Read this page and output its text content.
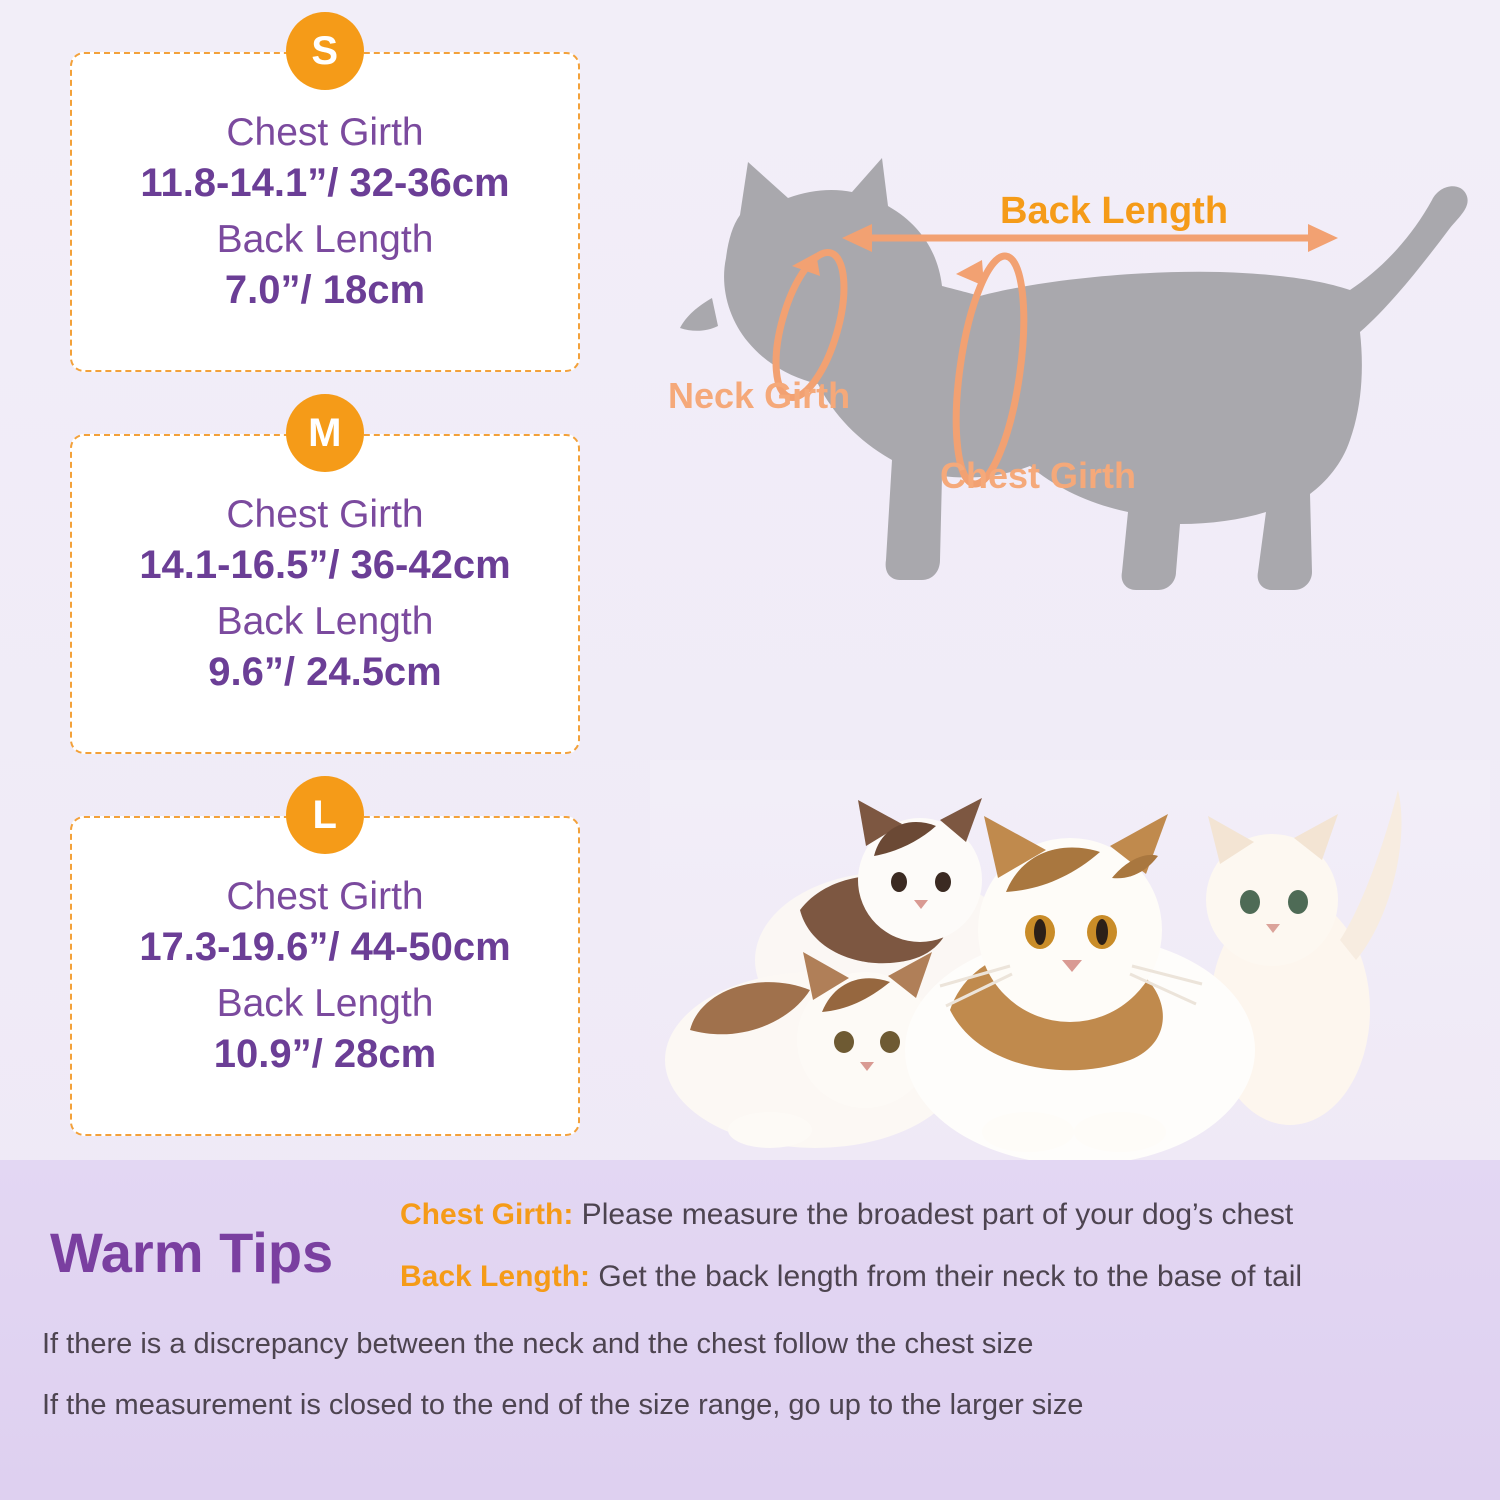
S
Chest Girth
11.8-14.1”/ 32-36cm
Back Length
7.0”/ 18cm
M
Chest Girth
14.1-16.5”/ 36-42cm
Back Length
9.6”/ 24.5cm
L
Chest Girth
17.3-19.6”/ 44-50cm
Back Length
10.9”/ 28cm
Back Length
Neck Girth
Chest Girth
Warm Tips
Chest Girth: Please measure the broadest part of your dog’s chest
Back Length: Get the back length from their neck to the base of tail
If there is a discrepancy between the neck and the chest follow the chest size
If the measurement is closed to the end of the size range, go up to the larger size
